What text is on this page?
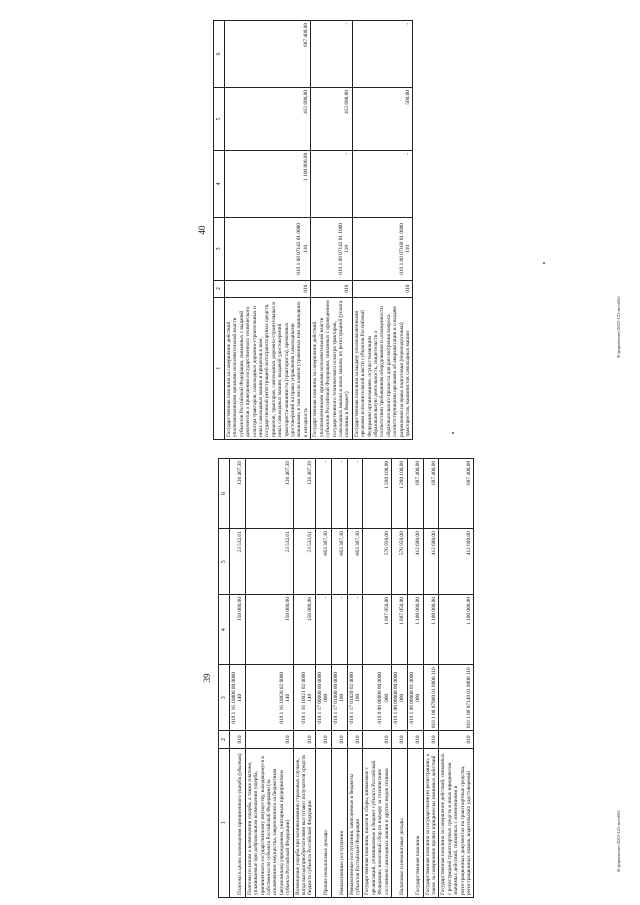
39
1	2	3	4	5	6
Платежи в целях возмещения причиненного ущерба (убытков)	010	018 1 16 10000 00 0000 140	150 000,00	23 532,61	126 467,39
Платежи по искам о возмещении ущерба, а также платежи, уплачиваемые при добровольном возмещении ущерба, причиненного государственному имуществу, находящемуся в собственности субъекта Российской Федерации (за исключением имущества, закрепленного за бюджетным (автономным) учреждением, унитарным предприятием субъекта Российской Федерации)	010	018 1 16 10020 02 0000 140	150 000,00	23 532,61	126 467,39
Возмещение ущерба при возникновении страховых случаев, когда выгодоприобретателями выступают получатели средств бюджета субъекта Российской Федерации	010	018 1 16 10021 02 0000 140	150 000,00	23 532,61	126 467,39
Прочие неналоговые доходы	010	018 1 17 00000 00 0000 000	-	-663 387,30	-
Невыясненные поступления	010	018 1 17 01000 00 0000 180	-	-663 387,30	-
Невыясненные поступления, зачисляемые в бюджеты субъектов Российской Федерации	010	018 1 17 01020 02 0000 180	-	-663 387,30	-
Государственная пошлина, налоги и сборы, взимаемые с организаций, уплачиваемые в бюджет субъекта Российской Федерации, налоговый сбор по надзору за техническим состоянием самоходных машин и других видов техники	010	019 0 00 00000 00 0000 000	1 887 050,00	576 950,00	1 280 100,00
Налоговые и неналоговые доходы	010	019 1 00 00000 00 0000 000	1 887 050,00	576 950,00	1 280 100,00
Государственная пошлина	010	019 1 08 00000 01 0000 000	1 100 000,00	412 600,00	687 400,00
Государственная пошлина за государственную регистрацию, а также за совершение прочих юридически значимых действий	010	019 1 08 07000 01 0000 110	1 100 000,00	412 600,00	687 400,00
Государственная пошлина за совершение действий, связанных с регистрацией транспортных средств и иных юридически значимых действий, связанных с изменениями в регистрационных документах на транспортные средства, регистрационных знаков, водительских удостоверений	010	019 1 08 07140 01 0000 110	1 100 000,00	412 600,00	687 400,00
40
1	2	3	4	5	6
Государственная пошлина за совершение действий уполномоченными органами исполнительной власти субъектов Российской Федерации, связанных с выдачей документов о проведении государственного технического осмотра тракторов, самоходных дорожно-строительных и иных самоходных машин и прицепов к ним, государственной регистрацией мототранспортных средств, прицепов, тракторов, самоходных дорожно-строительных и иных самоходных машин, выдачей удостоверений тракториста-машиниста (тракториста), временных удостоверений на право управления самоходными машинами, в том числе взамен утраченных или пришедших в негодность	010	019 1 08 07142 01 0000 110	1 100 000,00	412 600,00	687 400,00
Государственная пошлина за совершение действий уполномоченными органами исполнительной власти субъектов Российской Федерации, связанных с проведением государственного технического осмотра тракторов, самоходных машин и иных машин, их регистрацией (уплата пошлины в бюджет)	010	019 1 08 07142 01 1000 110	-	412 600,00	-
Государственная пошлина за выдачу уполномоченными органами исполнительной власти субъектов Российской Федерации организациям, осуществляющим образовательную деятельность, свидетельств о соответствии требованиям оборудования и оснащенности образовательного процесса для рассмотрения вопроса соответствующими органами об аккредитации и о выдаче разрешения на право подготовки (переподготовки) трактористов, машинистов самоходных машин	010	019 1 08 07160 01 0000 110	-	500,00	-
Ф.форм/ненет/2023-125-нп/л061
Ф.форм/ненет/2023-125-нп/л061
